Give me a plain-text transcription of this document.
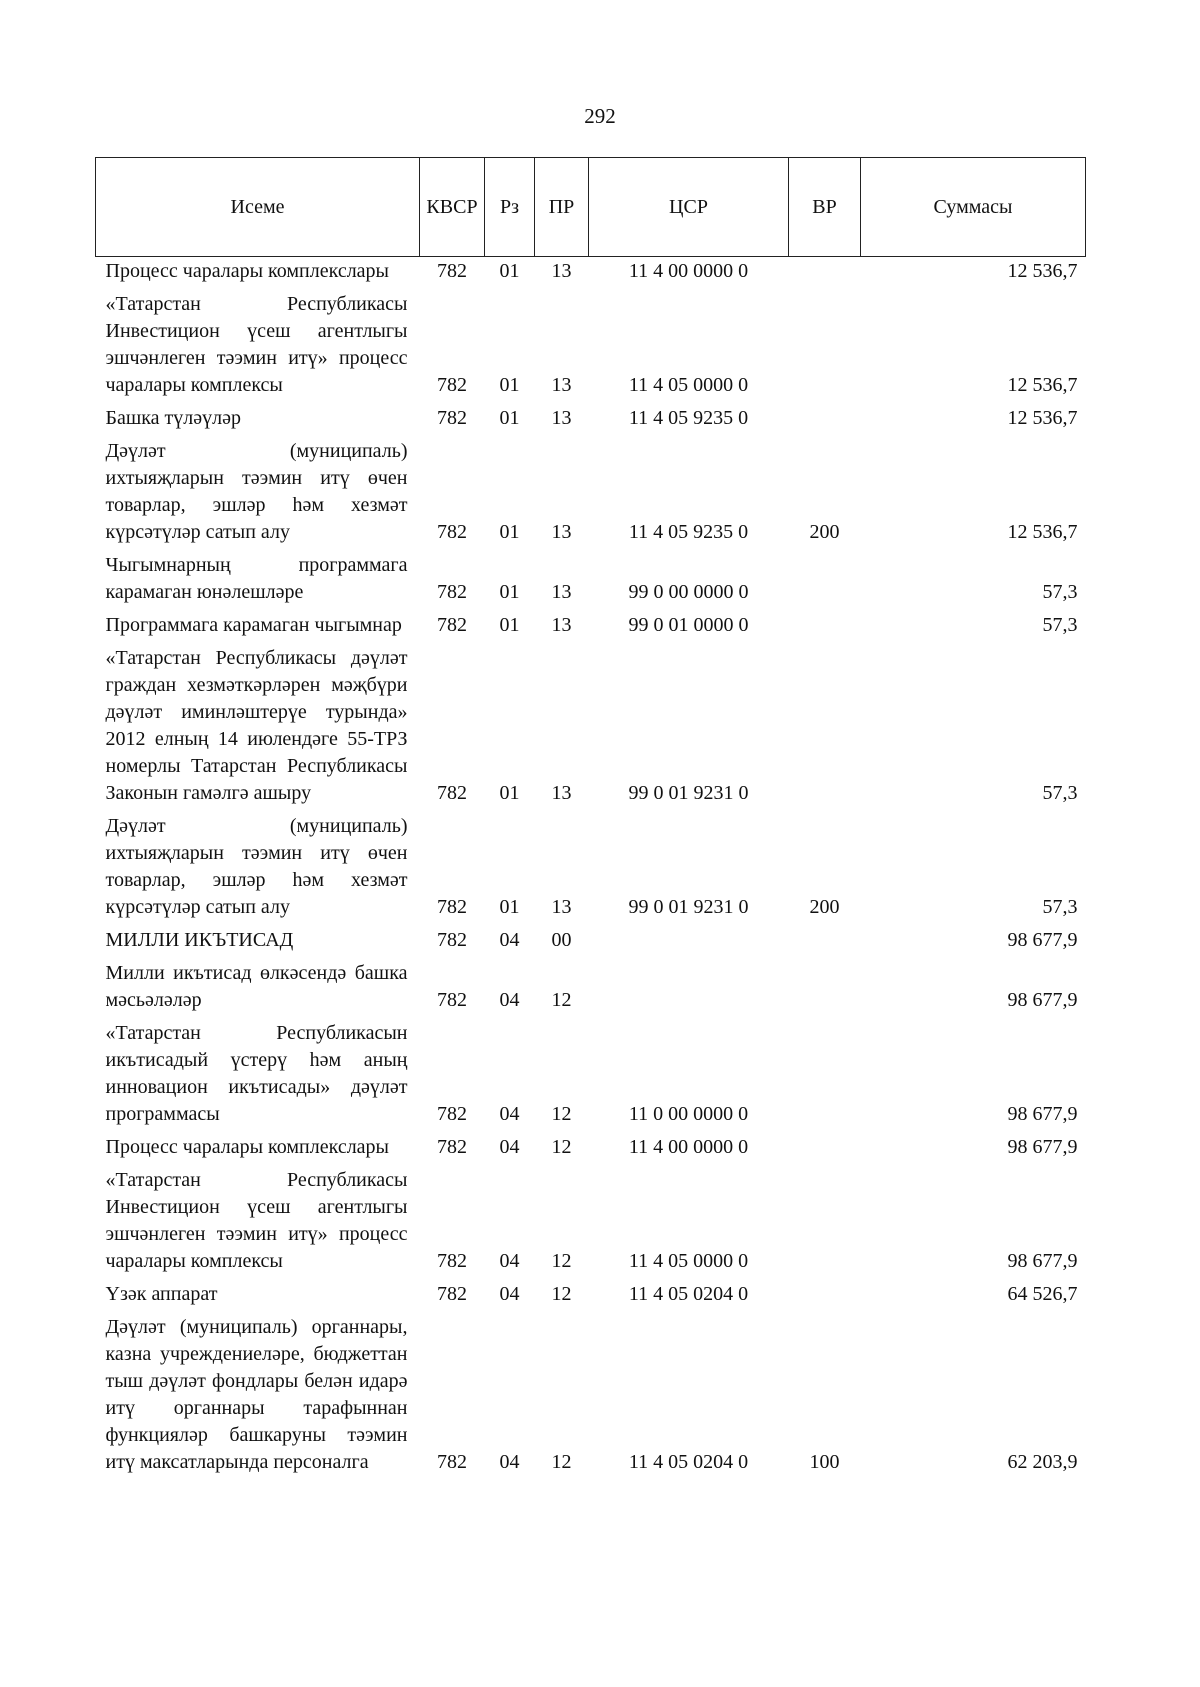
292
Исеме	КВСР	Рз	ПР	ЦСР	ВР	Суммасы
Процесс чаралары комплекслары	782	01	13	11 4 00 0000 0		12 536,7
«Татарстан Республикасы Инвестицион үсеш агентлыгы эшчәнлеген тәэмин итү» процесс чаралары комплексы	782	01	13	11 4 05 0000 0		12 536,7
Башка түләүләр	782	01	13	11 4 05 9235 0		12 536,7
Дәүләт (муниципаль) ихтыяҗларын тәэмин итү өчен товарлар, эшләр һәм хезмәт күрсәтүләр сатып алу	782	01	13	11 4 05 9235 0	200	12 536,7
Чыгымнарның программага карамаган юнәлешләре	782	01	13	99 0 00 0000 0		57,3
Программага карамаган чыгымнар	782	01	13	99 0 01 0000 0		57,3
«Татарстан Республикасы дәүләт граждан хезмәткәрләрен мәҗбүри дәүләт иминләштерүе турында» 2012 елның 14 июлендәге 55-ТРЗ номерлы Татарстан Республикасы Законын гамәлгә ашыру	782	01	13	99 0 01 9231 0		57,3
Дәүләт (муниципаль) ихтыяҗларын тәэмин итү өчен товарлар, эшләр һәм хезмәт күрсәтүләр сатып алу	782	01	13	99 0 01 9231 0	200	57,3
МИЛЛИ ИКЪТИСАД	782	04	00			98 677,9
Милли икътисад өлкәсендә башка мәсьәләләр	782	04	12			98 677,9
«Татарстан Республикасын икътисадый үстерү һәм аның инновацион икътисады» дәүләт программасы	782	04	12	11 0 00 0000 0		98 677,9
Процесс чаралары комплекслары	782	04	12	11 4 00 0000 0		98 677,9
«Татарстан Республикасы Инвестицион үсеш агентлыгы эшчәнлеген тәэмин итү» процесс чаралары комплексы	782	04	12	11 4 05 0000 0		98 677,9
Үзәк аппарат	782	04	12	11 4 05 0204 0		64 526,7
Дәүләт (муниципаль) органнары, казна учреждениеләре, бюджеттан тыш дәүләт фондлары белән идарә итү органнары тарафыннан функцияләр башкаруны тәэмин итү максатларында персоналга	782	04	12	11 4 05 0204 0	100	62 203,9
